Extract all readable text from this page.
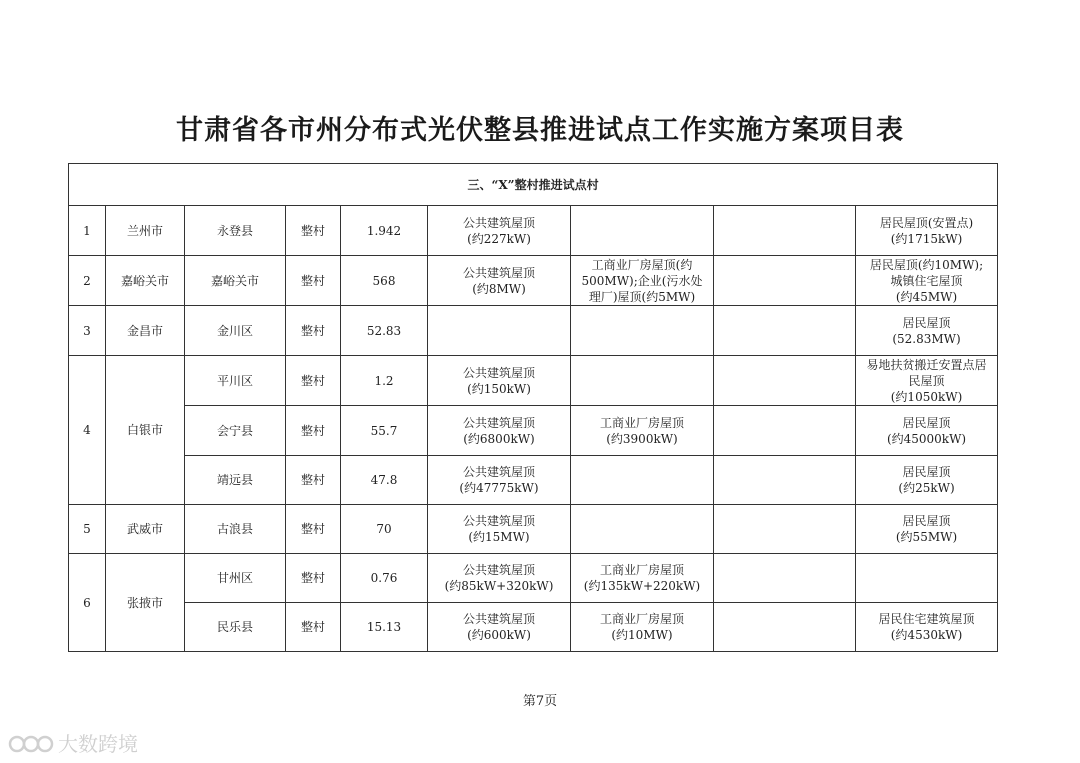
甘肃省各市州分布式光伏整县推进试点工作实施方案项目表
三、“X”整村推进试点村								
1	兰州市	永登县	整村	1.942	公共建筑屋顶
(约227kW)			居民屋顶(安置点)
(约1715kW)
2	嘉峪关市	嘉峪关市	整村	568	公共建筑屋顶
(约8MW)	工商业厂房屋顶(约
500MW);企业(污水处
理厂)屋顶(约5MW)		居民屋顶(约10MW);
城镇住宅屋顶
(约45MW)
3	金昌市	金川区	整村	52.83				居民屋顶
(52.83MW)
4	白银市	平川区	整村	1.2	公共建筑屋顶
(约150kW)			易地扶贫搬迁安置点居
民屋顶
(约1050kW)
		会宁县	整村	55.7	公共建筑屋顶
(约6800kW)	工商业厂房屋顶
(约3900kW)		居民屋顶
(约45000kW)
		靖远县	整村	47.8	公共建筑屋顶
(约47775kW)			居民屋顶
(约25kW)
5	武威市	古浪县	整村	70	公共建筑屋顶
(约15MW)			居民屋顶
(约55MW)
6	张掖市	甘州区	整村	0.76	公共建筑屋顶
(约85kW+320kW)	工商业厂房屋顶
(约135kW+220kW)		
		民乐县	整村	15.13	公共建筑屋顶
(约600kW)	工商业厂房屋顶
(约10MW)		居民住宅建筑屋顶
(约4530kW)
第7页
大数跨境
